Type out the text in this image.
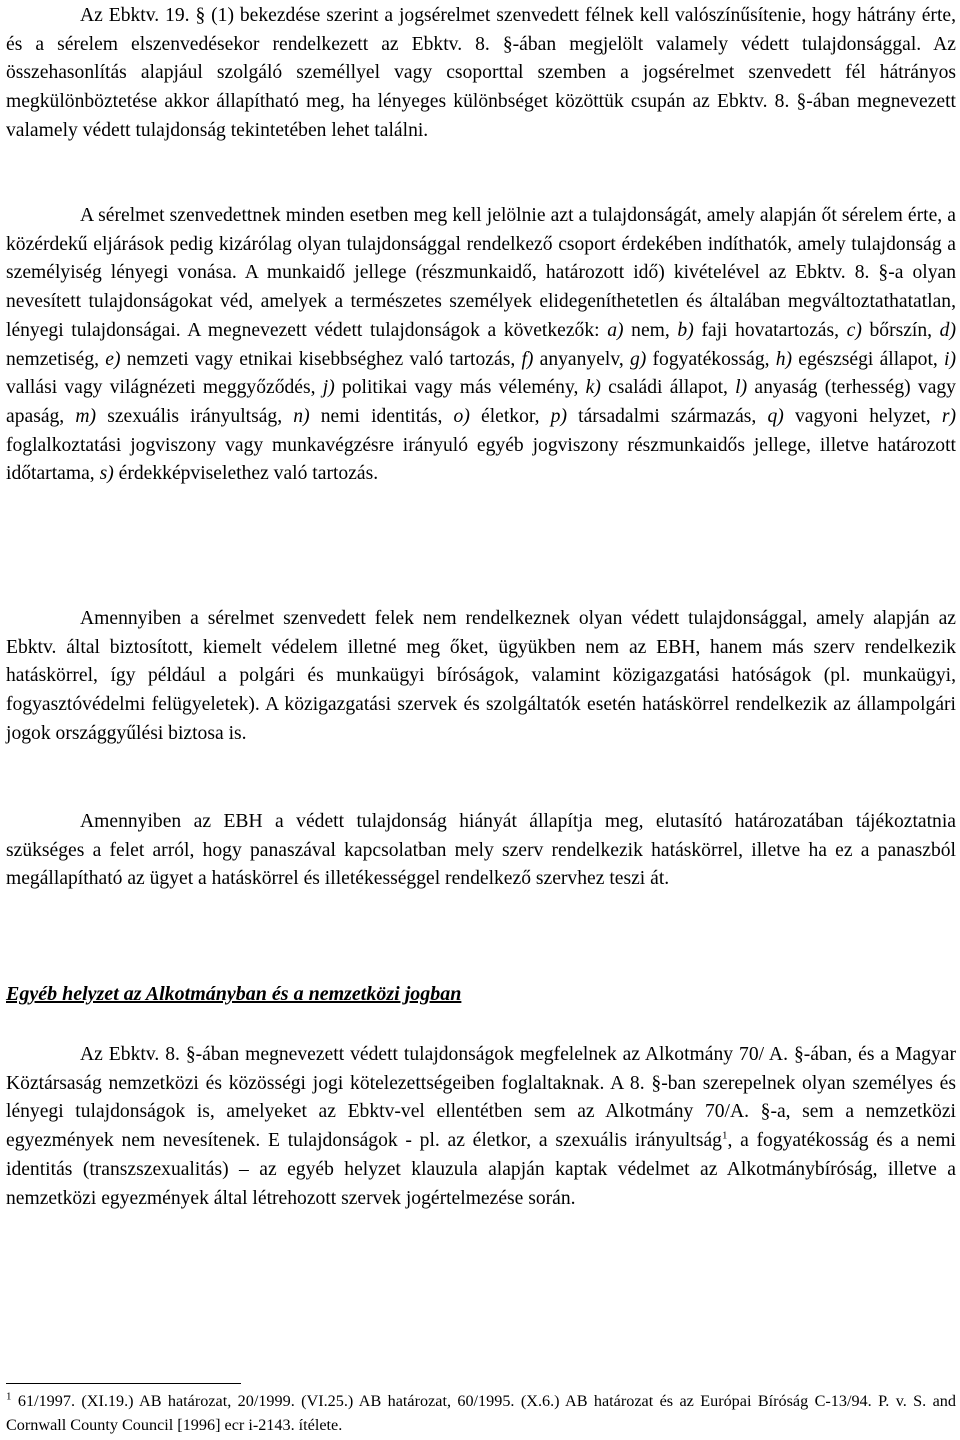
Az Ebktv. 19. § (1) bekezdése szerint a jogsérelmet szenvedett félnek kell valószínűsítenie, hogy hátrány érte, és a sérelem elszenvedésekor rendelkezett az Ebktv. 8. §-ában megjelölt valamely védett tulajdonsággal. Az összehasonlítás alapjául szolgáló személlyel vagy csoporttal szemben a jogsérelmet szenvedett fél hátrányos megkülönböztetése akkor állapítható meg, ha lényeges különbséget közöttük csupán az Ebktv. 8. §-ában megnevezett valamely védett tulajdonság tekintetében lehet találni.

A sérelmet szenvedettnek minden esetben meg kell jelölnie azt a tulajdonságát, amely alapján őt sérelem érte, a közérdekű eljárások pedig kizárólag olyan tulajdonsággal rendelkező csoport érdekében indíthatók, amely tulajdonság a személyiség lényegi vonása. A munkaidő jellege (részmunkaidő, határozott idő) kivételével az Ebktv. 8. §-a olyan nevesített tulajdonságokat véd, amelyek a természetes személyek elidegeníthetetlen és általában megváltoztathatatlan, lényegi tulajdonságai. A megnevezett védett tulajdonságok a következők: a) nem, b) faji hovatartozás, c) bőrszín, d) nemzetiség, e) nemzeti vagy etnikai kisebbséghez való tartozás, f) anyanyelv, g) fogyatékosság, h) egészségi állapot, i) vallási vagy világnézeti meggyőződés, j) politikai vagy más vélemény, k) családi állapot, l) anyaság (terhesség) vagy apaság, m) szexuális irányultság, n) nemi identitás, o) életkor, p) társadalmi származás, q) vagyoni helyzet, r) foglalkoztatási jogviszony vagy munkavégzésre irányuló egyéb jogviszony részmunkaidős jellege, illetve határozott időtartama, s) érdekképviselethez való tartozás.

Amennyiben a sérelmet szenvedett felek nem rendelkeznek olyan védett tulajdonsággal, amely alapján az Ebktv. által biztosított, kiemelt védelem illetné meg őket, ügyükben nem az EBH, hanem más szerv rendelkezik hatáskörrel, így például a polgári és munkaügyi bíróságok, valamint közigazgatási hatóságok (pl. munkaügyi, fogyasztóvédelmi felügyeletek). A közigazgatási szervek és szolgáltatók esetén hatáskörrel rendelkezik az állampolgári jogok országgyűlési biztosa is.

Amennyiben az EBH a védett tulajdonság hiányát állapítja meg, elutasító határozatában tájékoztatnia szükséges a felet arról, hogy panaszával kapcsolatban mely szerv rendelkezik hatáskörrel, illetve ha ez a panaszból megállapítható az ügyet a hatáskörrel és illetékességgel rendelkező szervhez teszi át.

Egyéb helyzet az Alkotmányban és a nemzetközi jogban

Az Ebktv. 8. §-ában megnevezett védett tulajdonságok megfelelnek az Alkotmány 70/ A. §-ában, és a Magyar Köztársaság nemzetközi és közösségi jogi kötelezettségeiben foglaltaknak. A 8. §-ban szerepelnek olyan személyes és lényegi tulajdonságok is, amelyeket az Ebktv-vel ellentétben sem az Alkotmány 70/A. §-a, sem a nemzetközi egyezmények nem nevesítenek. E tulajdonságok - pl. az életkor, a szexuális irányultság$^1$, a fogyatékosság és a nemi identitás (transzszexualitás) – az egyéb helyzet klauzula alapján kaptak védelmet az Alkotmánybíróság, illetve a nemzetközi egyezmények által létrehozott szervek jogértelmezése során.

$^1$ 61/1997. (XI.19.) AB határozat, 20/1999. (VI.25.) AB határozat, 60/1995. (X.6.) AB határozat és az Európai Bíróság C-13/94. P. v. S. and Cornwall County Council [1996] ecr i-2143. ítélete.
